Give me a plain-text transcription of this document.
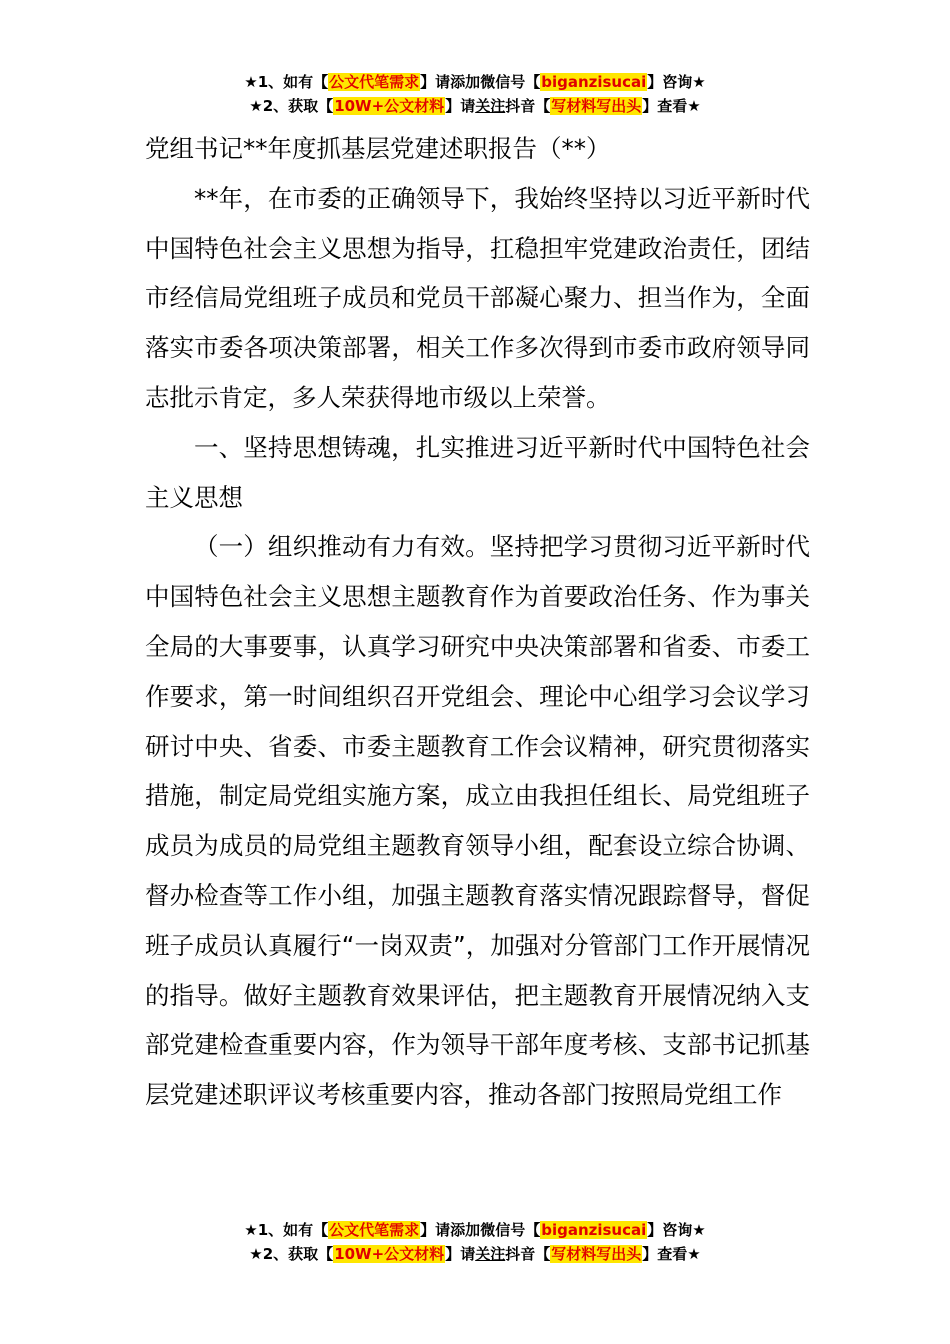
★1、如有【公文代笔需求】请添加微信号【biganzisucai】咨询★
★2、获取【10W+公文材料】请关注抖音【写材料写出头】查看★
党组书记**年度抓基层党建述职报告（**）

**年，在市委的正确领导下，我始终坚持以习近平新时代中国特色社会主义思想为指导，扛稳担牢党建政治责任，团结市经信局党组班子成员和党员干部凝心聚力、担当作为，全面落实市委各项决策部署，相关工作多次得到市委市政府领导同志批示肯定，多人荣获得地市级以上荣誉。

一、坚持思想铸魂，扎实推进习近平新时代中国特色社会主义思想

（一）组织推动有力有效。坚持把学习贯彻习近平新时代中国特色社会主义思想主题教育作为首要政治任务、作为事关全局的大事要事，认真学习研究中央决策部署和省委、市委工作要求，第一时间组织召开党组会、理论中心组学习会议学习研讨中央、省委、市委主题教育工作会议精神，研究贯彻落实措施，制定局党组实施方案，成立由我担任组长、局党组班子成员为成员的局党组主题教育领导小组，配套设立综合协调、督办检查等工作小组，加强主题教育落实情况跟踪督导，督促班子成员认真履行“一岗双责”，加强对分管部门工作开展情况的指导。做好主题教育效果评估，把主题教育开展情况纳入支部党建检查重要内容，作为领导干部年度考核、支部书记抓基层党建述职评议考核重要内容，推动各部门按照局党组工作

★1、如有【公文代笔需求】请添加微信号【biganzisucai】咨询★
★2、获取【10W+公文材料】请关注抖音【写材料写出头】查看★
